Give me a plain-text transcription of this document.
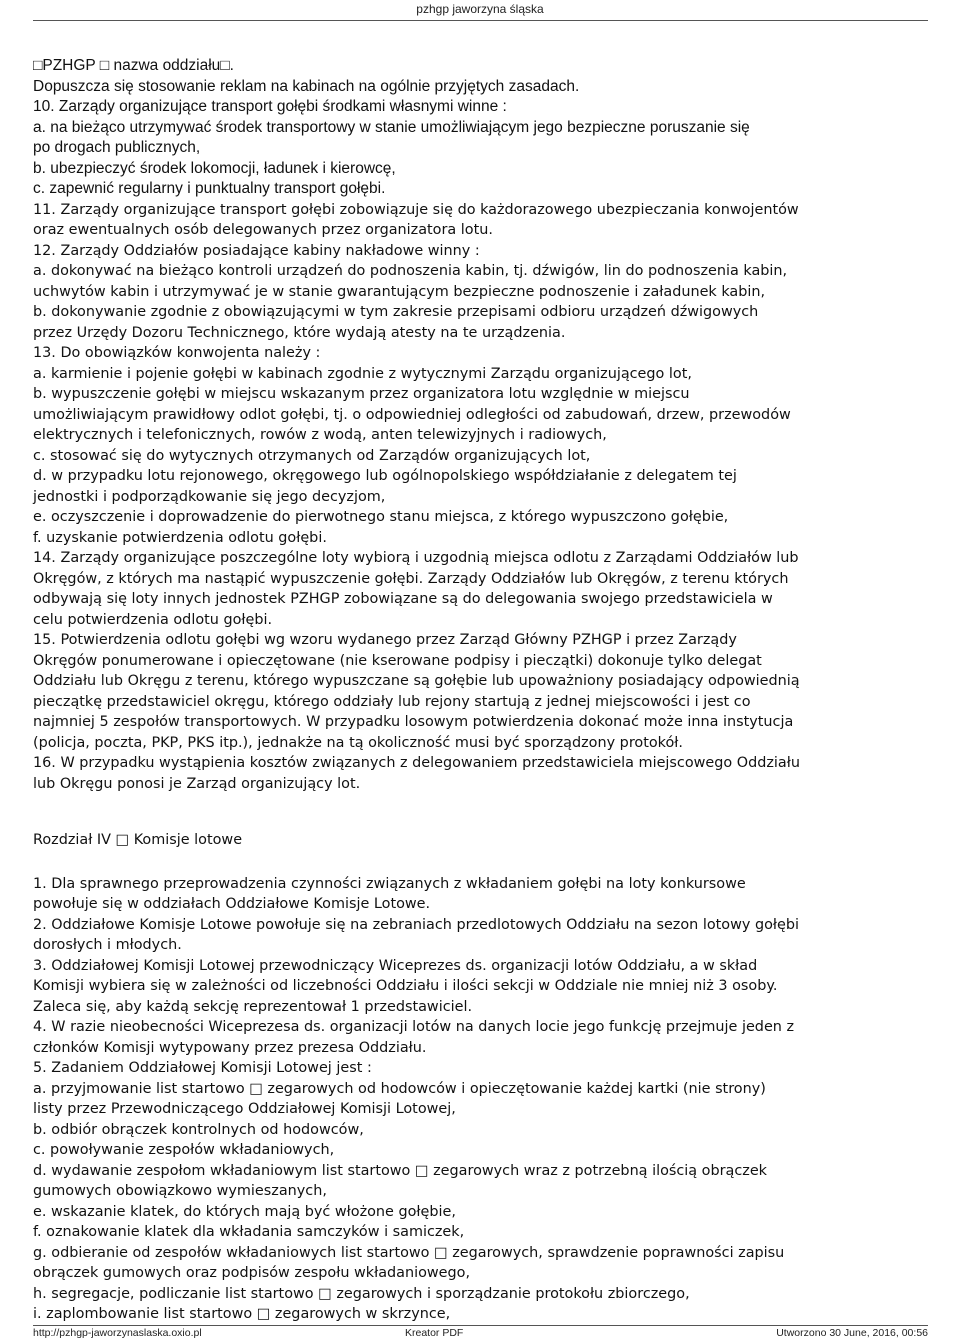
pzhgp jaworzyna śląska
□PZHGP □ nazwa oddziału□.
Dopuszcza się stosowanie reklam na kabinach na ogólnie przyjętych zasadach.
10. Zarządy organizujące transport gołębi środkami własnymi winne :
a. na bieżąco utrzymywać środek transportowy w stanie umożliwiającym jego bezpieczne poruszanie się
po drogach publicznych,
b. ubezpieczyć środek lokomocji, ładunek i kierowcę,
c. zapewnić regularny i punktualny transport gołębi.
11. Zarządy organizujące transport gołębi zobowiązuje się do każdorazowego ubezpieczania konwojentów
oraz ewentualnych osób delegowanych przez organizatora lotu.
12. Zarządy Oddziałów posiadające kabiny nakładowe winny :
a. dokonywać na bieżąco kontroli urządzeń do podnoszenia kabin, tj. dźwigów, lin do podnoszenia kabin,
uchwytów kabin i utrzymywać je w stanie gwarantującym bezpieczne podnoszenie i załadunek kabin,
b. dokonywanie zgodnie z obowiązującymi w tym zakresie przepisami odbioru urządzeń dźwigowych
przez Urzędy Dozoru Technicznego, które wydają atesty na te urządzenia.
13. Do obowiązków konwojenta należy :
a. karmienie i pojenie gołębi w kabinach zgodnie z wytycznymi Zarządu organizującego lot,
b. wypuszczenie gołębi w miejscu wskazanym przez organizatora lotu względnie w miejscu
umożliwiającym prawidłowy odlot gołębi, tj. o odpowiedniej odległości od zabudowań, drzew, przewodów
elektrycznych i telefonicznych, rowów z wodą, anten telewizyjnych i radiowych,
c. stosować się do wytycznych otrzymanych od Zarządów organizujących lot,
d. w przypadku lotu rejonowego, okręgowego lub ogólnopolskiego współdziałanie z delegatem tej
jednostki i podporządkowanie się jego decyzjom,
e. oczyszczenie i doprowadzenie do pierwotnego stanu miejsca, z którego wypuszczono gołębie,
f. uzyskanie potwierdzenia odlotu gołębi.
14. Zarządy organizujące poszczególne loty wybiorą i uzgodnią miejsca odlotu z Zarządami Oddziałów lub
Okręgów, z których ma nastąpić wypuszczenie gołębi. Zarządy Oddziałów lub Okręgów, z terenu których
odbywają się loty innych jednostek PZHGP zobowiązane są do delegowania swojego przedstawiciela w
celu potwierdzenia odlotu gołębi.
15. Potwierdzenia odlotu gołębi wg wzoru wydanego przez Zarząd Główny PZHGP i przez Zarządy
Okręgów ponumerowane i opieczętowane (nie kserowane podpisy i pieczątki) dokonuje tylko delegat
Oddziału lub Okręgu z terenu, którego wypuszczane są gołębie lub upoważniony posiadający odpowiednią
pieczątkę przedstawiciel okręgu, którego oddziały lub rejony startują z jednej miejscowości i jest co
najmniej 5 zespołów transportowych. W przypadku losowym potwierdzenia dokonać może inna instytucja
(policja, poczta, PKP, PKS itp.), jednakże na tą okoliczność musi być sporządzony protokół.
16. W przypadku wystąpienia kosztów związanych z delegowaniem przedstawiciela miejscowego Oddziału
lub Okręgu ponosi je Zarząd organizujący lot.
Rozdział IV □ Komisje lotowe
1. Dla sprawnego przeprowadzenia czynności związanych z wkładaniem gołębi na loty konkursowe
powołuje się w oddziałach Oddziałowe Komisje Lotowe.
2. Oddziałowe Komisje Lotowe powołuje się na zebraniach przedlotowych Oddziału na sezon lotowy gołębi
dorosłych i młodych.
3. Oddziałowej Komisji Lotowej przewodniczący Wiceprezes ds. organizacji lotów Oddziału, a w skład
Komisji wybiera się w zależności od liczebności Oddziału i ilości sekcji w Oddziale nie mniej niż 3 osoby.
Zaleca się, aby każdą sekcję reprezentował 1 przedstawiciel.
4. W razie nieobecności Wiceprezesa ds. organizacji lotów na danych locie jego funkcję przejmuje jeden z
członków Komisji wytypowany przez prezesa Oddziału.
5. Zadaniem Oddziałowej Komisji Lotowej jest :
a. przyjmowanie list startowo □ zegarowych od hodowców i opieczętowanie każdej kartki (nie strony)
listy przez Przewodniczącego Oddziałowej Komisji Lotowej,
b. odbiór obrączek kontrolnych od hodowców,
c. powoływanie zespołów wkładaniowych,
d. wydawanie zespołom wkładaniowym list startowo □ zegarowych wraz z potrzebną ilością obrączek
gumowych obowiązkowo wymieszanych,
e. wskazanie klatek, do których mają być włożone gołębie,
f. oznakowanie klatek dla wkładania samczyków i samiczek,
g. odbieranie od zespołów wkładaniowych list startowo □ zegarowych, sprawdzenie poprawności zapisu
obrączek gumowych oraz podpisów zespołu wkładaniowego,
h. segregacje, podliczanie list startowo □ zegarowych i sporządzanie protokołu zbiorczego,
i. zaplombowanie list startowo □ zegarowych w skrzynce,
http://pzhgp-jaworzynaslaska.oxio.pl	Kreator PDF	Utworzono 30 June, 2016, 00:56
